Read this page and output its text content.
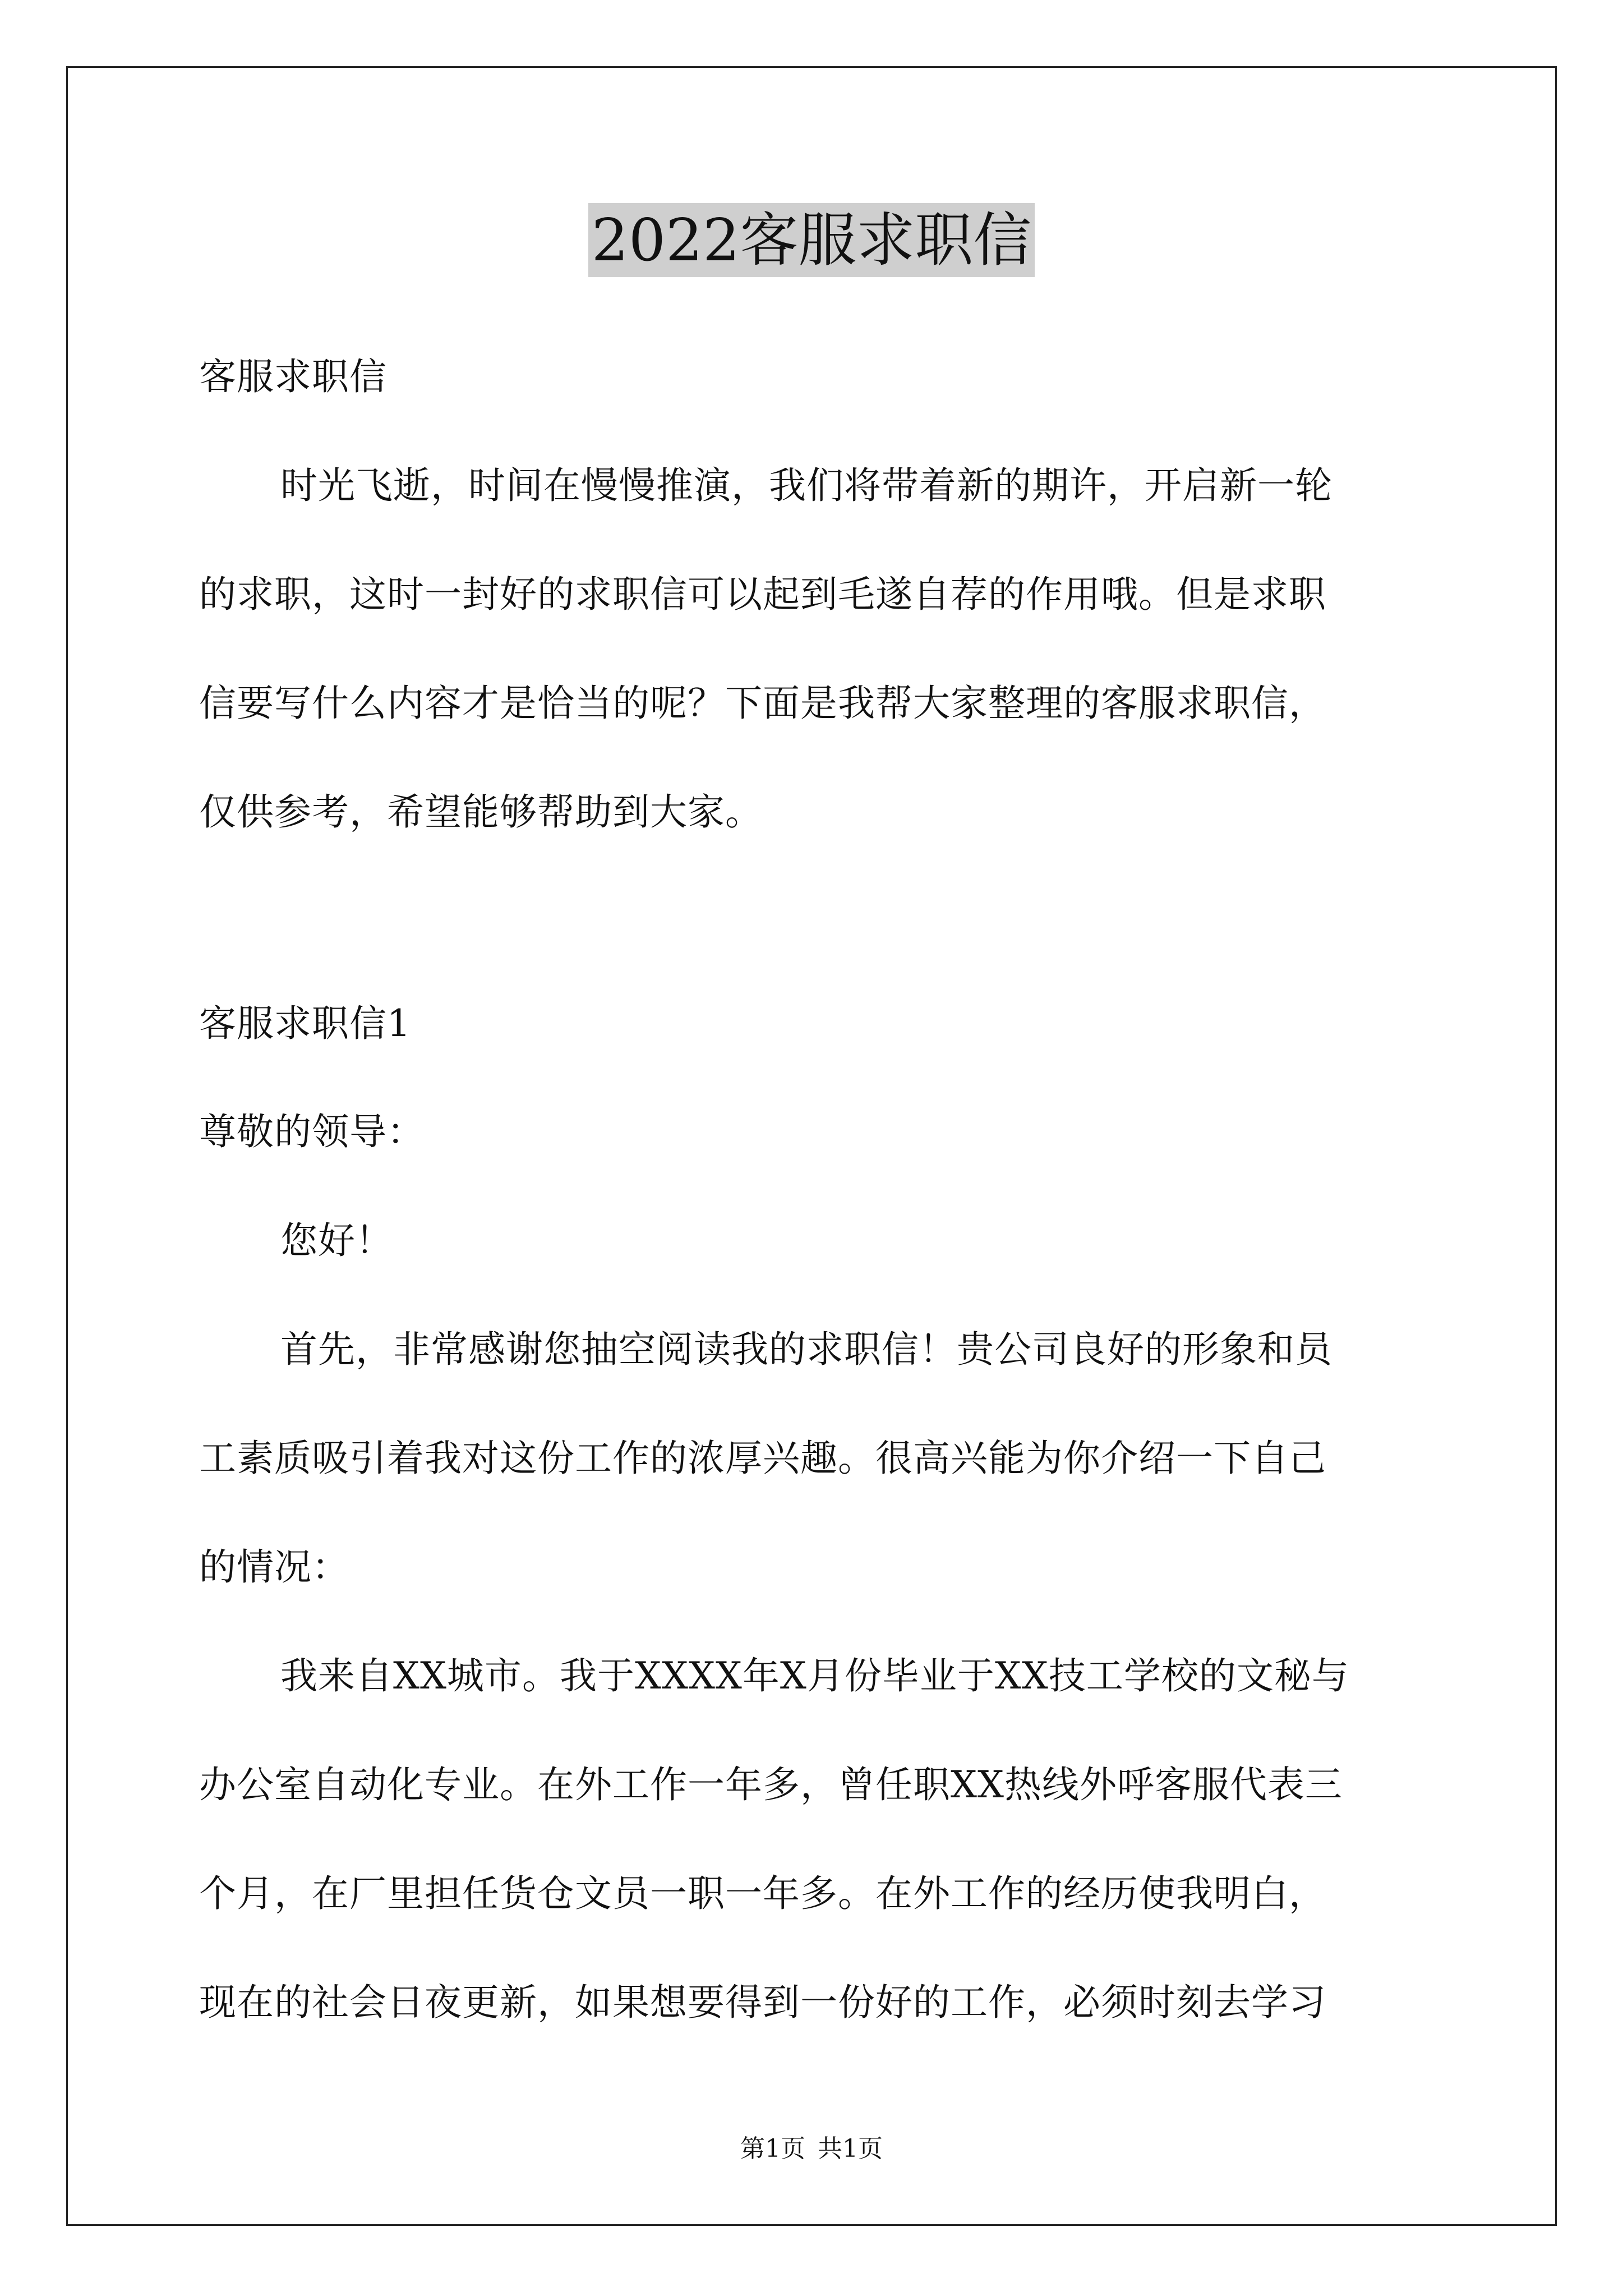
2022客服求职信
客服求职信
时光飞逝，时间在慢慢推演，我们将带着新的期许，开启新一轮
的求职，这时一封好的求职信可以起到毛遂自荐的作用哦。但是求职
信要写什么内容才是恰当的呢？下面是我帮大家整理的客服求职信，
仅供参考，希望能够帮助到大家。
客服求职信1
尊敬的领导：
您好！
首先，非常感谢您抽空阅读我的求职信！贵公司良好的形象和员
工素质吸引着我对这份工作的浓厚兴趣。很高兴能为你介绍一下自己
的情况：
我来自XX城市。我于XXXX年X月份毕业于XX技工学校的文秘与
办公室自动化专业。在外工作一年多，曾任职XX热线外呼客服代表三
个月，在厂里担任货仓文员一职一年多。在外工作的经历使我明白，
现在的社会日夜更新，如果想要得到一份好的工作，必须时刻去学习
第1页 共1页
